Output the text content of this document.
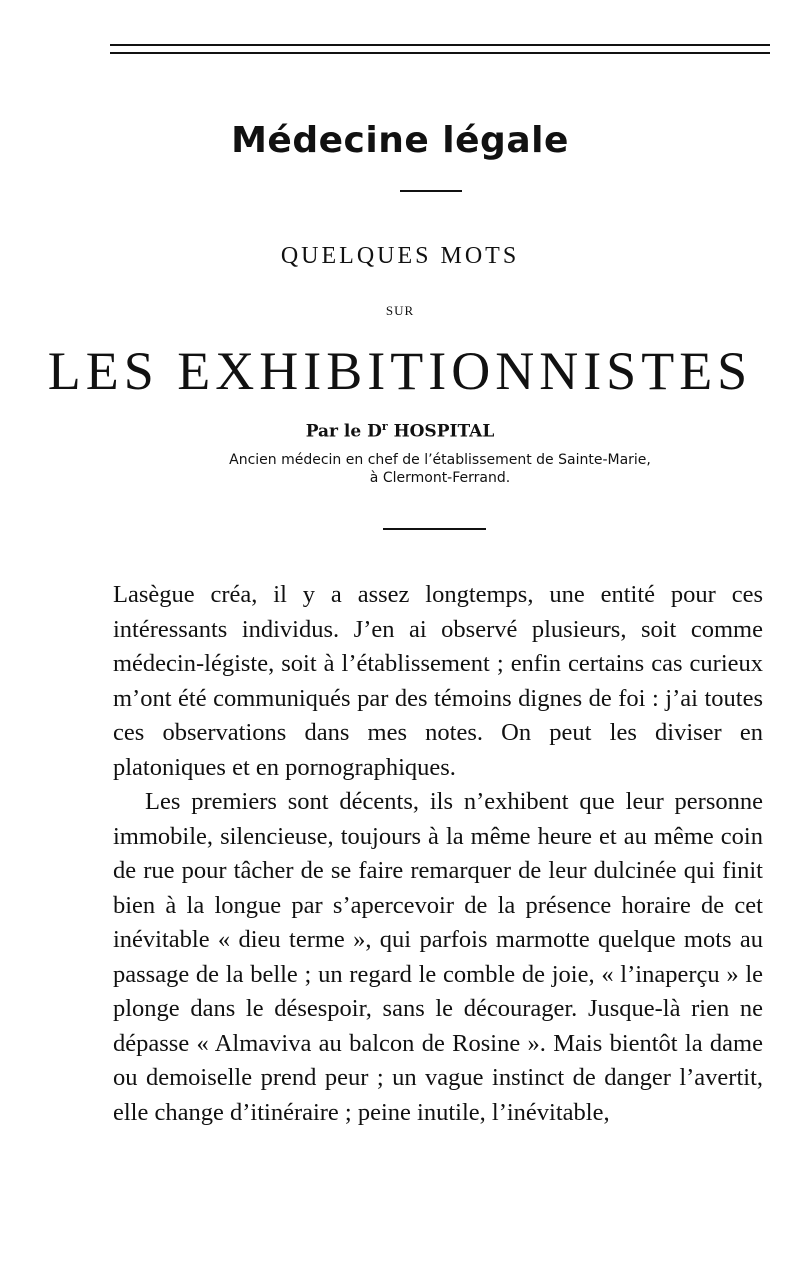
Médecine légale
QUELQUES MOTS
SUR
LES EXHIBITIONNISTES
Par le $D^r$ HOSPITAL
Ancien médecin en chef de l’établissement de Sainte-Marie,
à Clermont-Ferrand.

Lasègue créa, il y a assez longtemps, une entité pour ces intéressants individus. J’en ai observé plusieurs, soit comme médecin-légiste, soit à l’établissement ; enfin certains cas curieux m’ont été communiqués par des témoins dignes de foi : j’ai toutes ces observations dans mes notes. On peut les diviser en platoniques et en pornographiques.

Les premiers sont décents, ils n’exhibent que leur personne immobile, silencieuse, toujours à la même heure et au même coin de rue pour tâcher de se faire remarquer de leur dulcinée qui finit bien à la longue par s’apercevoir de la présence horaire de cet inévitable « dieu terme », qui parfois marmotte quelque mots au passage de la belle ; un regard le comble de joie, « l’inaperçu » le plonge dans le désespoir, sans le décourager. Jusque-là rien ne dépasse « Almaviva au balcon de Rosine ». Mais bientôt la dame ou demoiselle prend peur ; un vague instinct de danger l’avertit, elle change d’itinéraire ; peine inutile, l’inévitable,
